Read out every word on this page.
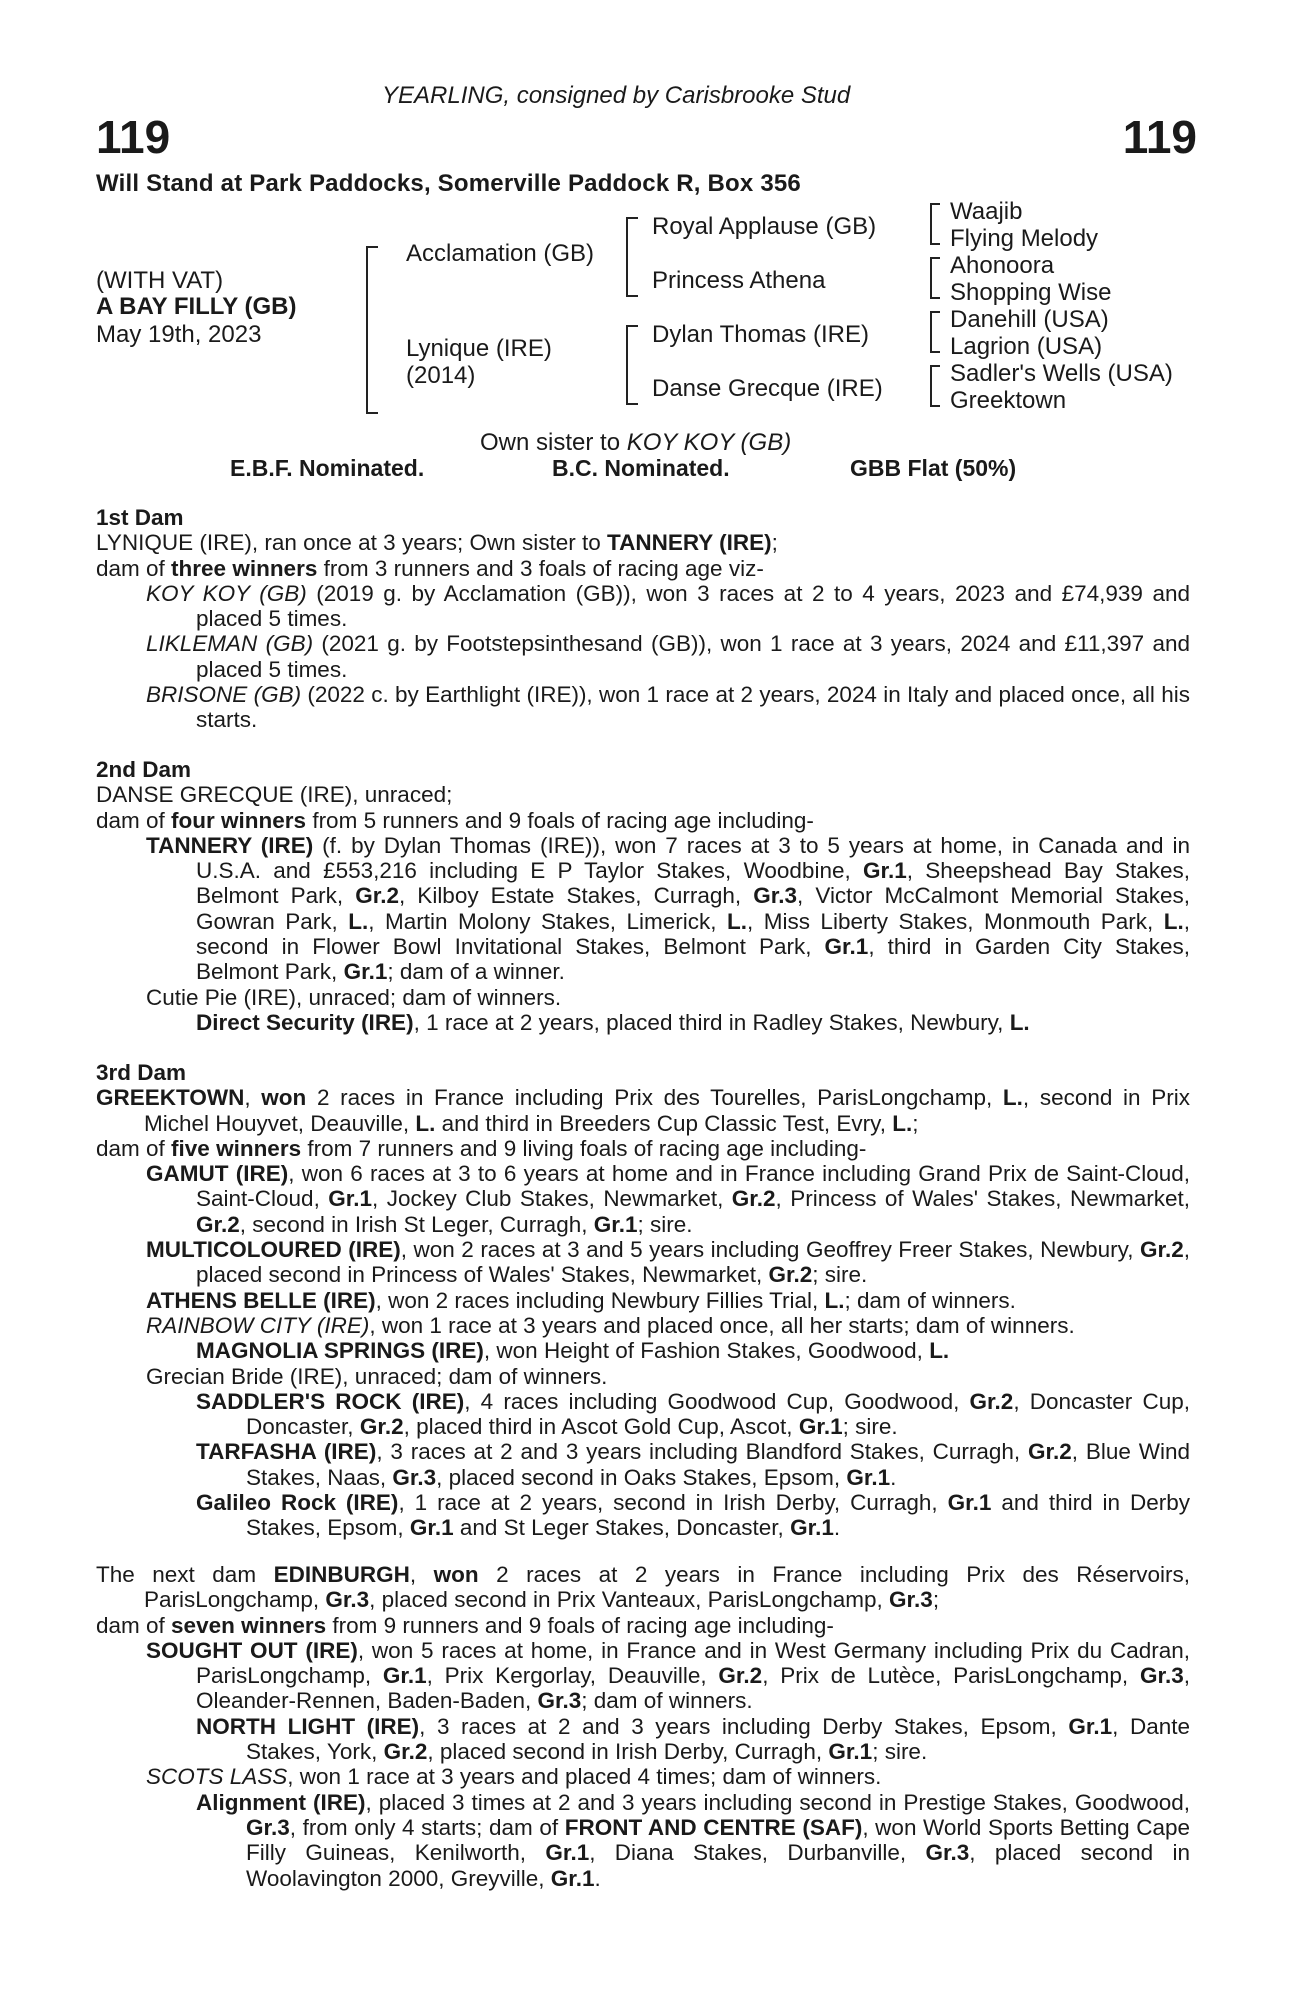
YEARLING, consigned by Carisbrooke Stud
119	119
Will Stand at Park Paddocks, Somerville Paddock R, Box 356
(WITH VAT)
A BAY FILLY (GB)
May 19th, 2023
Acclamation (GB)
Lynique (IRE)
(2014)
Royal Applause (GB)
Princess Athena
Dylan Thomas (IRE)
Danse Grecque (IRE)
Waajib
Flying Melody
Ahonoora
Shopping Wise
Danehill (USA)
Lagrion (USA)
Sadler's Wells (USA)
Greektown
Own sister to KOY KOY (GB)
E.B.F. Nominated.	B.C. Nominated.	GBB Flat (50%)

1st Dam

LYNIQUE (IRE), ran once at 3 years; Own sister to TANNERY (IRE);

dam of three winners from 3 runners and 3 foals of racing age viz-

KOY KOY (GB) (2019 g. by Acclamation (GB)), won 3 races at 2 to 4 years, 2023 and £74,939 and placed 5 times.

LIKLEMAN (GB) (2021 g. by Footstepsinthesand (GB)), won 1 race at 3 years, 2024 and £11,397 and placed 5 times.

BRISONE (GB) (2022 c. by Earthlight (IRE)), won 1 race at 2 years, 2024 in Italy and placed once, all his starts.

2nd Dam

DANSE GRECQUE (IRE), unraced;

dam of four winners from 5 runners and 9 foals of racing age including-

TANNERY (IRE) (f. by Dylan Thomas (IRE)), won 7 races at 3 to 5 years at home, in Canada and in U.S.A. and £553,216 including E P Taylor Stakes, Woodbine, Gr.1, Sheepshead Bay Stakes, Belmont Park, Gr.2, Kilboy Estate Stakes, Curragh, Gr.3, Victor McCalmont Memorial Stakes, Gowran Park, L., Martin Molony Stakes, Limerick, L., Miss Liberty Stakes, Monmouth Park, L., second in Flower Bowl Invitational Stakes, Belmont Park, Gr.1, third in Garden City Stakes, Belmont Park, Gr.1; dam of a winner.

Cutie Pie (IRE), unraced; dam of winners.

Direct Security (IRE), 1 race at 2 years, placed third in Radley Stakes, Newbury, L.

3rd Dam

GREEKTOWN, won 2 races in France including Prix des Tourelles, ParisLongchamp, L., second in Prix Michel Houyvet, Deauville, L. and third in Breeders Cup Classic Test, Evry, L.;

dam of five winners from 7 runners and 9 living foals of racing age including-

GAMUT (IRE), won 6 races at 3 to 6 years at home and in France including Grand Prix de Saint-Cloud, Saint-Cloud, Gr.1, Jockey Club Stakes, Newmarket, Gr.2, Princess of Wales' Stakes, Newmarket, Gr.2, second in Irish St Leger, Curragh, Gr.1; sire.

MULTICOLOURED (IRE), won 2 races at 3 and 5 years including Geoffrey Freer Stakes, Newbury, Gr.2, placed second in Princess of Wales' Stakes, Newmarket, Gr.2; sire.

ATHENS BELLE (IRE), won 2 races including Newbury Fillies Trial, L.; dam of winners.

RAINBOW CITY (IRE), won 1 race at 3 years and placed once, all her starts; dam of winners.

MAGNOLIA SPRINGS (IRE), won Height of Fashion Stakes, Goodwood, L.

Grecian Bride (IRE), unraced; dam of winners.

SADDLER'S ROCK (IRE), 4 races including Goodwood Cup, Goodwood, Gr.2, Doncaster Cup, Doncaster, Gr.2, placed third in Ascot Gold Cup, Ascot, Gr.1; sire.

TARFASHA (IRE), 3 races at 2 and 3 years including Blandford Stakes, Curragh, Gr.2, Blue Wind Stakes, Naas, Gr.3, placed second in Oaks Stakes, Epsom, Gr.1.

Galileo Rock (IRE), 1 race at 2 years, second in Irish Derby, Curragh, Gr.1 and third in Derby Stakes, Epsom, Gr.1 and St Leger Stakes, Doncaster, Gr.1.

The next dam EDINBURGH, won 2 races at 2 years in France including Prix des Réservoirs, ParisLongchamp, Gr.3, placed second in Prix Vanteaux, ParisLongchamp, Gr.3;

dam of seven winners from 9 runners and 9 foals of racing age including-

SOUGHT OUT (IRE), won 5 races at home, in France and in West Germany including Prix du Cadran, ParisLongchamp, Gr.1, Prix Kergorlay, Deauville, Gr.2, Prix de Lutèce, ParisLongchamp, Gr.3, Oleander-Rennen, Baden-Baden, Gr.3; dam of winners.

NORTH LIGHT (IRE), 3 races at 2 and 3 years including Derby Stakes, Epsom, Gr.1, Dante Stakes, York, Gr.2, placed second in Irish Derby, Curragh, Gr.1; sire.

SCOTS LASS, won 1 race at 3 years and placed 4 times; dam of winners.

Alignment (IRE), placed 3 times at 2 and 3 years including second in Prestige Stakes, Goodwood, Gr.3, from only 4 starts; dam of FRONT AND CENTRE (SAF), won World Sports Betting Cape Filly Guineas, Kenilworth, Gr.1, Diana Stakes, Durbanville, Gr.3, placed second in Woolavington 2000, Greyville, Gr.1.
